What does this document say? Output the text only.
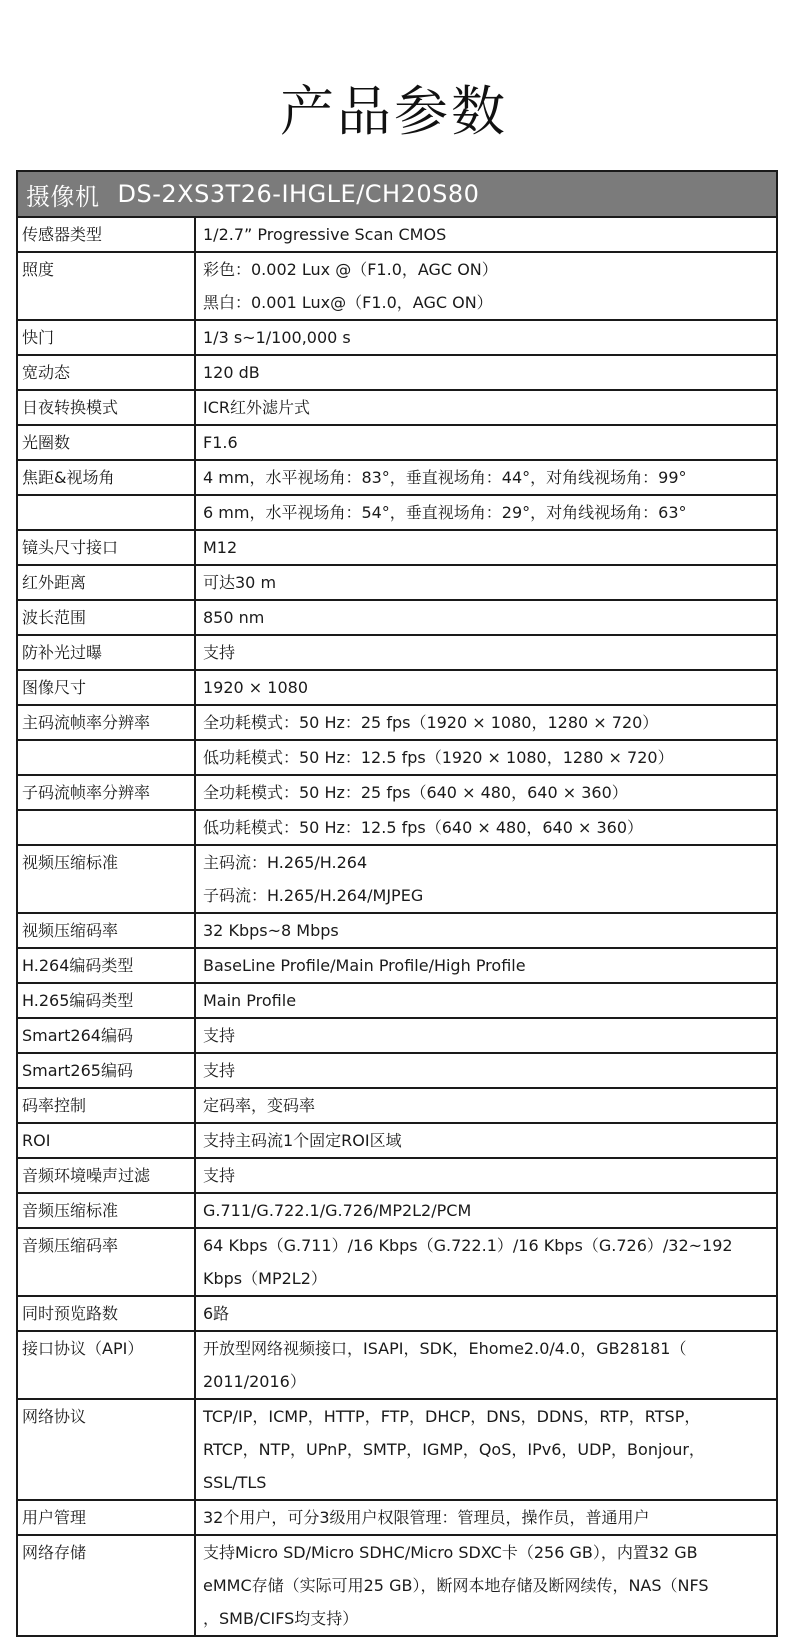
产品参数
摄像机 DS-2XS3T26-IHGLE/CH20S80
传感器类型	1/2.7” Progressive Scan CMOS
照度	彩色：0.002 Lux @（F1.0，AGC ON）
黑白：0.001 Lux@（F1.0，AGC ON）
快门	1/3 s~1/100,000 s
宽动态	120 dB
日夜转换模式	ICR红外滤片式
光圈数	F1.6
焦距&视场角	4 mm，水平视场角：83°，垂直视场角：44°，对角线视场角：99°
6 mm，水平视场角：54°，垂直视场角：29°，对角线视场角：63°
镜头尺寸接口	M12
红外距离	可达30 m
波长范围	850 nm
防补光过曝	支持
图像尺寸	1920 × 1080
主码流帧率分辨率	全功耗模式：50 Hz：25 fps（1920 × 1080，1280 × 720）
低功耗模式：50 Hz：12.5 fps（1920 × 1080，1280 × 720）
子码流帧率分辨率	全功耗模式：50 Hz：25 fps（640 × 480，640 × 360）
低功耗模式：50 Hz：12.5 fps（640 × 480，640 × 360）
视频压缩标准	主码流：H.265/H.264
子码流：H.265/H.264/MJPEG
视频压缩码率	32 Kbps~8 Mbps
H.264编码类型	BaseLine Profile/Main Profile/High Profile
H.265编码类型	Main Profile
Smart264编码	支持
Smart265编码	支持
码率控制	定码率，变码率
ROI	支持主码流1个固定ROI区域
音频环境噪声过滤	支持
音频压缩标准	G.711/G.722.1/G.726/MP2L2/PCM
音频压缩码率	64 Kbps（G.711）/16 Kbps（G.722.1）/16 Kbps（G.726）/32~192
Kbps（MP2L2）
同时预览路数	6路
接口协议（API）	开放型网络视频接口，ISAPI，SDK，Ehome2.0/4.0，GB28181（
2011/2016）
网络协议	TCP/IP，ICMP，HTTP，FTP，DHCP，DNS，DDNS，RTP，RTSP，
RTCP，NTP，UPnP，SMTP，IGMP，QoS，IPv6，UDP，Bonjour，
SSL/TLS
用户管理	32个用户，可分3级用户权限管理：管理员，操作员，普通用户
网络存储	支持Micro SD/Micro SDHC/Micro SDXC卡（256 GB），内置32 GB
eMMC存储（实际可用25 GB），断网本地存储及断网续传，NAS（NFS
，SMB/CIFS均支持）
